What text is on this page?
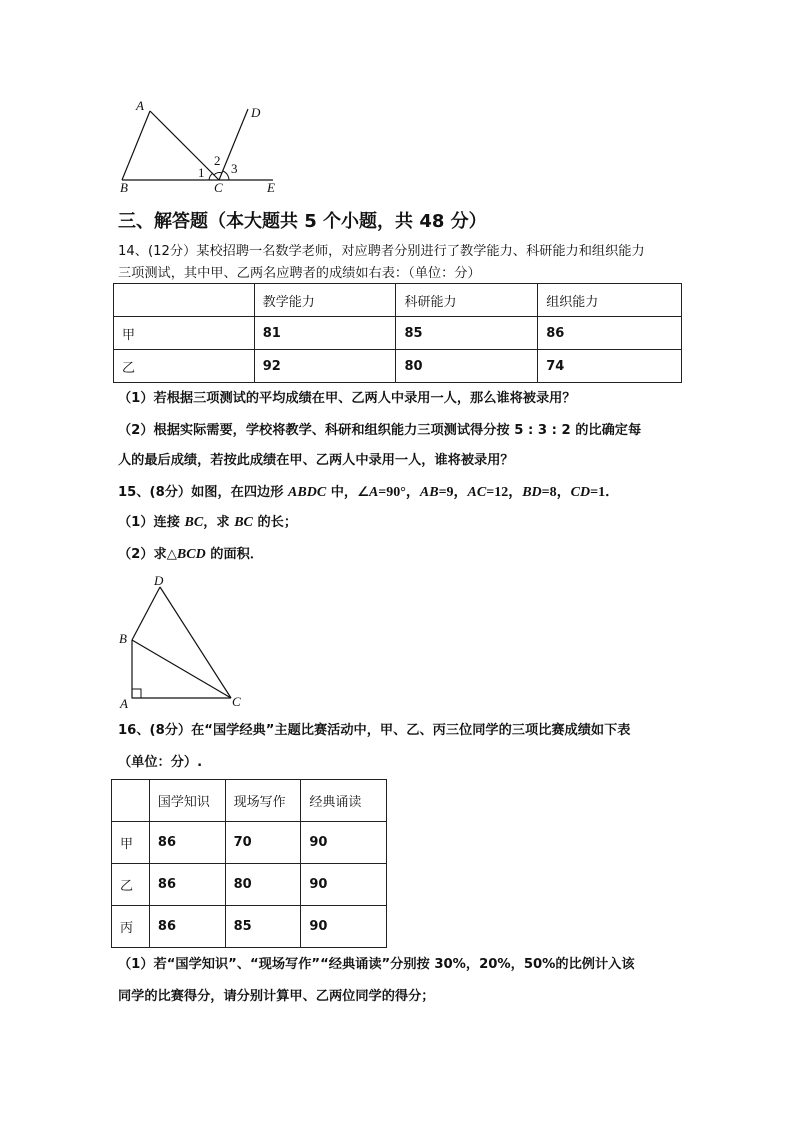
A
B	C
D
E
1
2
3
三、解答题（本大题共 5 个小题，共 48 分）
14、(12分）某校招聘一名数学老师，对应聘者分别进行了教学能力、科研能力和组织能力
三项测试，其中甲、乙两名应聘者的成绩如右表：（单位：分）
	教学能力	科研能力	组织能力
甲	81	85	86
乙	92	80	74
（1）若根据三项测试的平均成绩在甲、乙两人中录用一人，那么谁将被录用？
（2）根据实际需要，学校将教学、科研和组织能力三项测试得分按 5 : 3 : 2 的比确定每
人的最后成绩，若按此成绩在甲、乙两人中录用一人，谁将被录用？
15、(8分）如图，在四边形 ABDC 中，∠A=90°，AB=9，AC=12，BD=8，CD=1．
（1）连接 BC，求 BC 的长；
（2）求△BCD 的面积．
A
B
C
D
16、(8分）在“国学经典”主题比赛活动中，甲、乙、丙三位同学的三项比赛成绩如下表
（单位：分）.
	国学知识	现场写作	经典诵读
甲	86	70	90
乙	86	80	90
丙	86	85	90
（1）若“国学知识”、“现场写作”“经典诵读”分别按 30%，20%，50%的比例计入该
同学的比赛得分，请分别计算甲、乙两位同学的得分；
